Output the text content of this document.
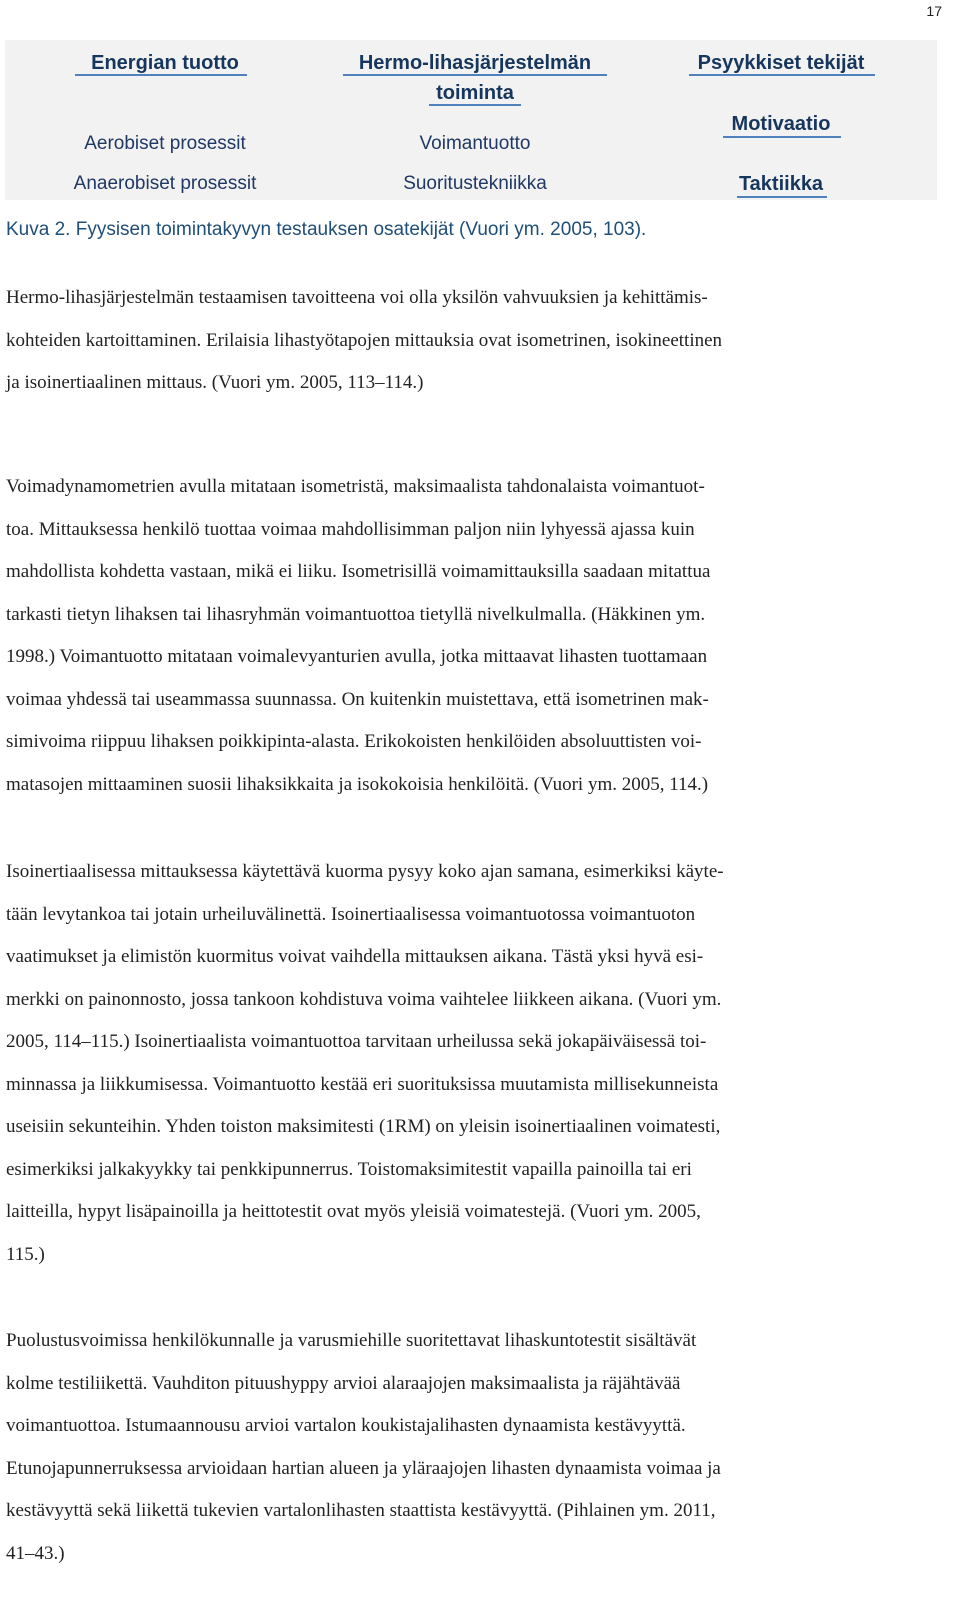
17
Energian tuotto
Aerobiset prosessit
Anaerobiset prosessit
Hermo-lihasjärjestelmän
toiminta
Voimantuotto
Suoritustekniikka
Psyykkiset tekijät
Motivaatio
Taktiikka
Kuva 2. Fyysisen toimintakyvyn testauksen osatekijät (Vuori ym. 2005, 103).
Hermo-lihasjärjestelmän testaamisen tavoitteena voi olla yksilön vahvuuksien ja kehittämis-
kohteiden kartoittaminen. Erilaisia lihastyötapojen mittauksia ovat isometrinen, isokineettinen
ja isoinertiaalinen mittaus. (Vuori ym. 2005, 113–114.)
Voimadynamometrien avulla mitataan isometristä, maksimaalista tahdonalaista voimantuot-
toa. Mittauksessa henkilö tuottaa voimaa mahdollisimman paljon niin lyhyessä ajassa kuin
mahdollista kohdetta vastaan, mikä ei liiku. Isometrisillä voimamittauksilla saadaan mitattua
tarkasti tietyn lihaksen tai lihasryhmän voimantuottoa tietyllä nivelkulmalla. (Häkkinen ym.
1998.) Voimantuotto mitataan voimalevyanturien avulla, jotka mittaavat lihasten tuottamaan
voimaa yhdessä tai useammassa suunnassa. On kuitenkin muistettava, että isometrinen mak-
simivoima riippuu lihaksen poikkipinta-alasta. Erikokoisten henkilöiden absoluuttisten voi-
matasojen mittaaminen suosii lihaksikkaita ja isokokoisia henkilöitä. (Vuori ym. 2005, 114.)
Isoinertiaalisessa mittauksessa käytettävä kuorma pysyy koko ajan samana, esimerkiksi käyte-
tään levytankoa tai jotain urheiluvälinettä. Isoinertiaalisessa voimantuotossa voimantuoton
vaatimukset ja elimistön kuormitus voivat vaihdella mittauksen aikana. Tästä yksi hyvä esi-
merkki on painonnosto, jossa tankoon kohdistuva voima vaihtelee liikkeen aikana. (Vuori ym.
2005, 114–115.) Isoinertiaalista voimantuottoa tarvitaan urheilussa sekä jokapäiväisessä toi-
minnassa ja liikkumisessa. Voimantuotto kestää eri suorituksissa muutamista millisekunneista
useisiin sekunteihin. Yhden toiston maksimitesti (1RM) on yleisin isoinertiaalinen voimatesti,
esimerkiksi jalkakyykky tai penkkipunnerrus. Toistomaksimitestit vapailla painoilla tai eri
laitteilla, hypyt lisäpainoilla ja heittotestit ovat myös yleisiä voimatestejä. (Vuori ym. 2005,
115.)
Puolustusvoimissa henkilökunnalle ja varusmiehille suoritettavat lihaskuntotestit sisältävät
kolme testiliikettä. Vauhditon pituushyppy arvioi alaraajojen maksimaalista ja räjähtävää
voimantuottoa. Istumaannousu arvioi vartalon koukistajalihasten dynaamista kestävyyttä.
Etunojapunnerruksessa arvioidaan hartian alueen ja yläraajojen lihasten dynaamista voimaa ja
kestävyyttä sekä liikettä tukevien vartalonlihasten staattista kestävyyttä. (Pihlainen ym. 2011,
41–43.)
